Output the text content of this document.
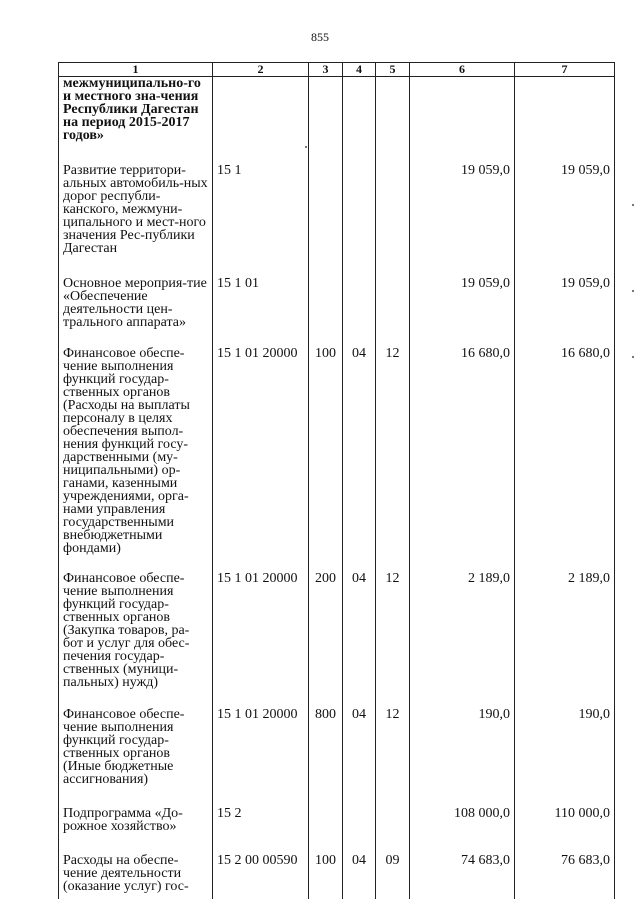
855
1	2	3	4	5	6	7
межмуниципально-го и местного зна-чения Республики Дагестан на период 2015-2017 годов»						
Развитие территори-альных автомобиль-ных дорог республи-канского, межмуни-ципального и мест-ного значения Рес-публики Дагестан	15 1				19 059,0	19 059,0
Основное мероприя-тие «Обеспечение деятельности цен-трального аппарата»	15 1 01				19 059,0	19 059,0
Финансовое обеспе-чение выполнения функций государ-ственных органов (Расходы на выплаты персоналу в целях обеспечения выпол-нения функций госу-дарственными (му-ниципальными) ор-ганами, казенными учреждениями, орга-нами управления государственными внебюджетными фондами)	15 1 01 20000	100	04	12	16 680,0	16 680,0
Финансовое обеспе-чение выполнения функций государ-ственных органов (Закупка товаров, ра-бот и услуг для обес-печения государ-ственных (муници-пальных) нужд)	15 1 01 20000	200	04	12	2 189,0	2 189,0
Финансовое обеспе-чение выполнения функций государ-ственных органов (Иные бюджетные ассигнования)	15 1 01 20000	800	04	12	190,0	190,0
Подпрограмма «До-рожное хозяйство»	15 2				108 000,0	110 000,0
Расходы на обеспе-чение деятельности (оказание услуг) гос-	15 2 00 00590	100	04	09	74 683,0	76 683,0
